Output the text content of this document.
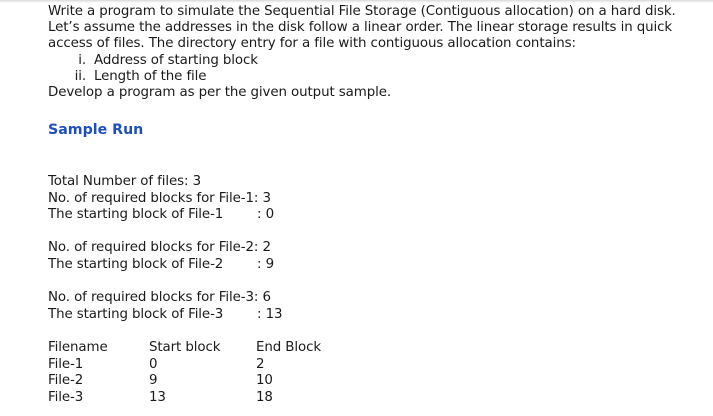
Write a program to simulate the Sequential File Storage (Contiguous allocation) on a hard disk. Let’s assume the addresses in the disk follow a linear order. The linear storage results in quick access of files. The directory entry for a file with contiguous allocation contains:

i. Address of starting block
ii. Length of the file

Develop a program as per the given output sample.

Sample Run
Total Number of files: 3
No. of required blocks for File-1: 3
The starting block of File-1	: 0
No. of required blocks for File-2: 2
The starting block of File-2	: 9
No. of required blocks for File-3: 6
The starting block of File-3	: 13
Filename	Start block	End Block
File-1	0	2
File-2	9	10
File-3	13	18
